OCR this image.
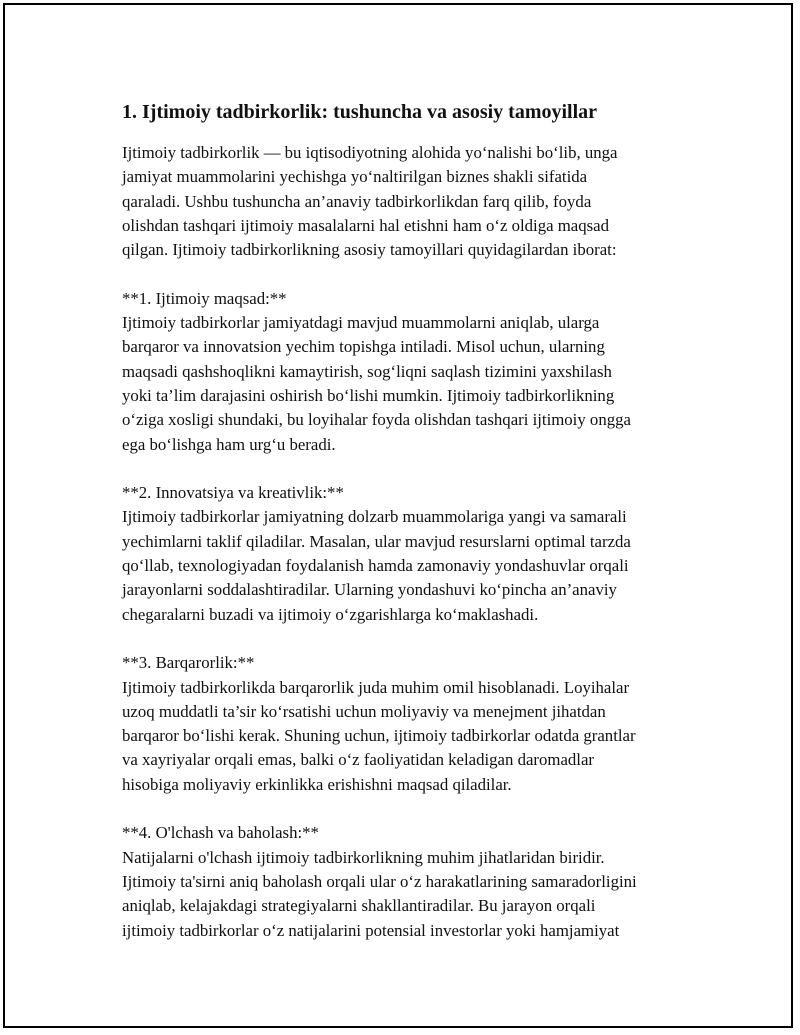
1. Ijtimoiy tadbirkorlik: tushuncha va asosiy tamoyillar

Ijtimoiy tadbirkorlik — bu iqtisodiyotning alohida yoʻnalishi boʻlib, unga
jamiyat muammolarini yechishga yoʻnaltirilgan biznes shakli sifatida
qaraladi. Ushbu tushuncha an’anaviy tadbirkorlikdan farq qilib, foyda
olishdan tashqari ijtimoiy masalalarni hal etishni ham oʻz oldiga maqsad
qilgan. Ijtimoiy tadbirkorlikning asosiy tamoyillari quyidagilardan iborat:

**1. Ijtimoiy maqsad:**
Ijtimoiy tadbirkorlar jamiyatdagi mavjud muammolarni aniqlab, ularga
barqaror va innovatsion yechim topishga intiladi. Misol uchun, ularning
maqsadi qashshoqlikni kamaytirish, sogʻliqni saqlash tizimini yaxshilash
yoki ta’lim darajasini oshirish boʻlishi mumkin. Ijtimoiy tadbirkorlikning
oʻziga xosligi shundaki, bu loyihalar foyda olishdan tashqari ijtimoiy ongga
ega boʻlishga ham urgʻu beradi.

**2. Innovatsiya va kreativlik:**
Ijtimoiy tadbirkorlar jamiyatning dolzarb muammolariga yangi va samarali
yechimlarni taklif qiladilar. Masalan, ular mavjud resurslarni optimal tarzda
qoʻllab, texnologiyadan foydalanish hamda zamonaviy yondashuvlar orqali
jarayonlarni soddalashtiradilar. Ularning yondashuvi koʻpincha an’anaviy
chegaralarni buzadi va ijtimoiy oʻzgarishlarga koʻmaklashadi.

**3. Barqarorlik:**
Ijtimoiy tadbirkorlikda barqarorlik juda muhim omil hisoblanadi. Loyihalar
uzoq muddatli ta’sir koʻrsatishi uchun moliyaviy va menejment jihatdan
barqaror boʻlishi kerak. Shuning uchun, ijtimoiy tadbirkorlar odatda grantlar
va xayriyalar orqali emas, balki oʻz faoliyatidan keladigan daromadlar
hisobiga moliyaviy erkinlikka erishishni maqsad qiladilar.

**4. O'lchash va baholash:**
Natijalarni o'lchash ijtimoiy tadbirkorlikning muhim jihatlaridan biridir.
Ijtimoiy ta'sirni aniq baholash orqali ular oʻz harakatlarining samaradorligini
aniqlab, kelajakdagi strategiyalarni shakllantiradilar. Bu jarayon orqali
ijtimoiy tadbirkorlar oʻz natijalarini potensial investorlar yoki hamjamiyat
